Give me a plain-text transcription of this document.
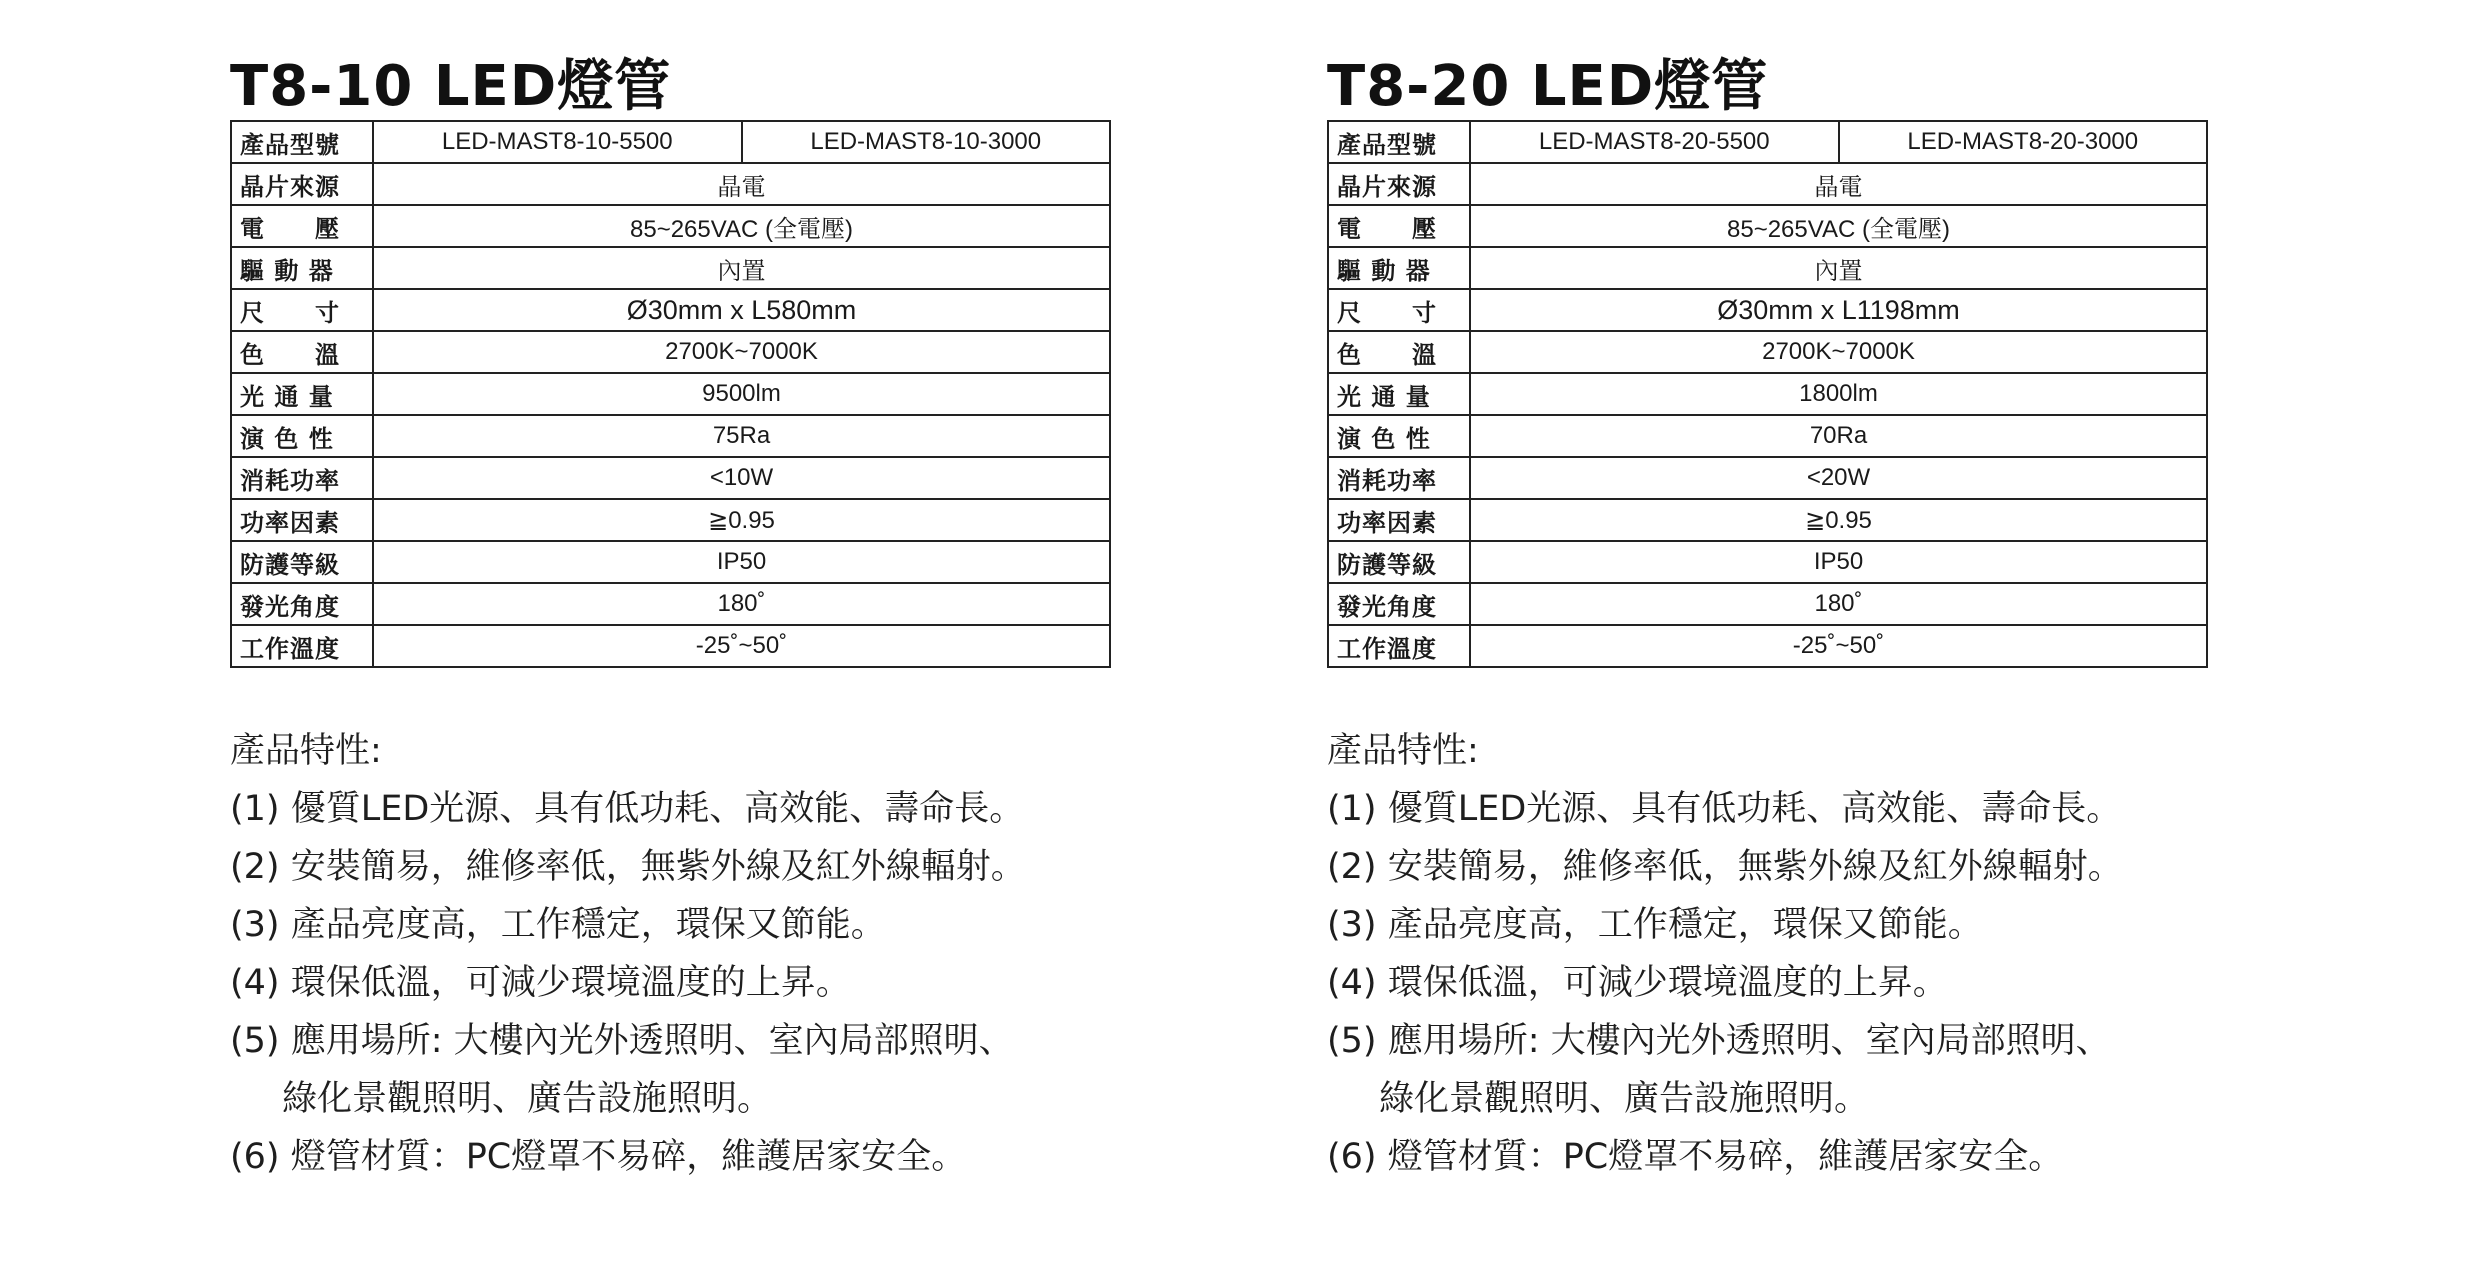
T8-10 LED燈管
產品型號	LED-MAST8-10-5500	LED-MAST8-10-3000
晶片來源	晶電	
電　　壓	85~265VAC (全電壓)	
驅 動 器	內置	
尺　　寸	Ø30mm x L580mm	
色　　溫	2700K~7000K	
光 通 量	9500lm	
演 色 性	75Ra	
消耗功率	<10W	
功率因素	≧0.95	
防護等級	IP50	
發光角度	180˚	
工作溫度	-25˚~50˚	
產品特性:
(1) 優質LED光源、具有低功耗、高效能、壽命長。
(2) 安裝簡易，維修率低，無紫外線及紅外線輻射。
(3) 產品亮度高，工作穩定，環保又節能。
(4) 環保低溫，可減少環境溫度的上昇。
(5) 應用場所: 大樓內光外透照明、室內局部照明、
綠化景觀照明、廣告設施照明。
(6) 燈管材質：PC燈罩不易碎，維護居家安全。
T8-20 LED燈管
產品型號	LED-MAST8-20-5500	LED-MAST8-20-3000
晶片來源	晶電	
電　　壓	85~265VAC (全電壓)	
驅 動 器	內置	
尺　　寸	Ø30mm x L1198mm	
色　　溫	2700K~7000K	
光 通 量	1800lm	
演 色 性	70Ra	
消耗功率	<20W	
功率因素	≧0.95	
防護等級	IP50	
發光角度	180˚	
工作溫度	-25˚~50˚	
產品特性:
(1) 優質LED光源、具有低功耗、高效能、壽命長。
(2) 安裝簡易，維修率低，無紫外線及紅外線輻射。
(3) 產品亮度高，工作穩定，環保又節能。
(4) 環保低溫，可減少環境溫度的上昇。
(5) 應用場所: 大樓內光外透照明、室內局部照明、
綠化景觀照明、廣告設施照明。
(6) 燈管材質：PC燈罩不易碎，維護居家安全。
